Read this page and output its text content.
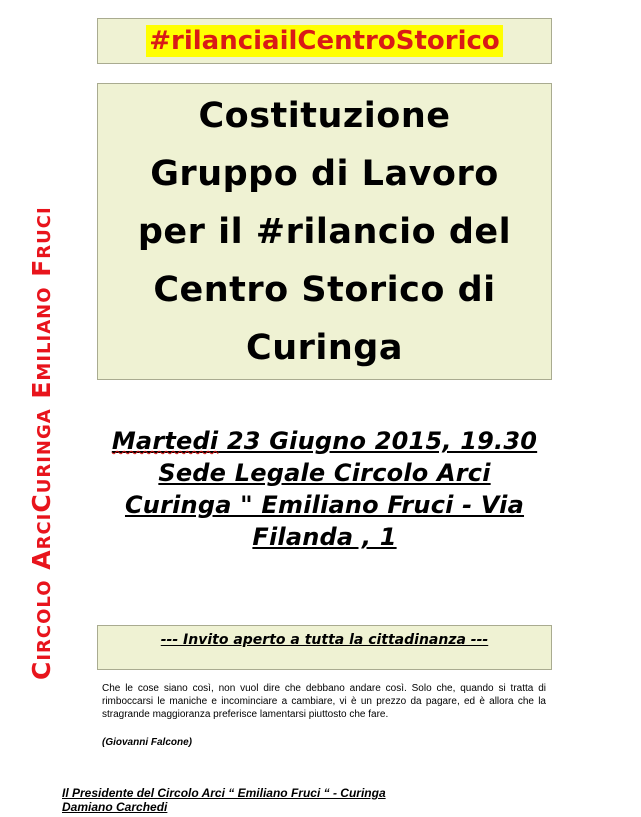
Circolo ArciCuringa Emiliano Fruci
#rilanciailCentroStorico
Costituzione
Gruppo di Lavoro
per il #rilancio del
Centro Storico di
Curinga
Martedi 23 Giugno 2015, 19.30
Sede Legale Circolo Arci
Curinga " Emiliano Fruci - Via
Filanda , 1
--- Invito aperto a tutta la cittadinanza ---
Che le cose siano così, non vuol dire che debbano andare così. Solo che, quando si tratta di rimboccarsi le maniche e incominciare a cambiare, vi è un prezzo da pagare, ed è allora che la stragrande maggioranza preferisce lamentarsi piuttosto che fare.
(Giovanni Falcone)
Il Presidente del Circolo Arci “ Emiliano Fruci “ - Curinga
Damiano Carchedi
